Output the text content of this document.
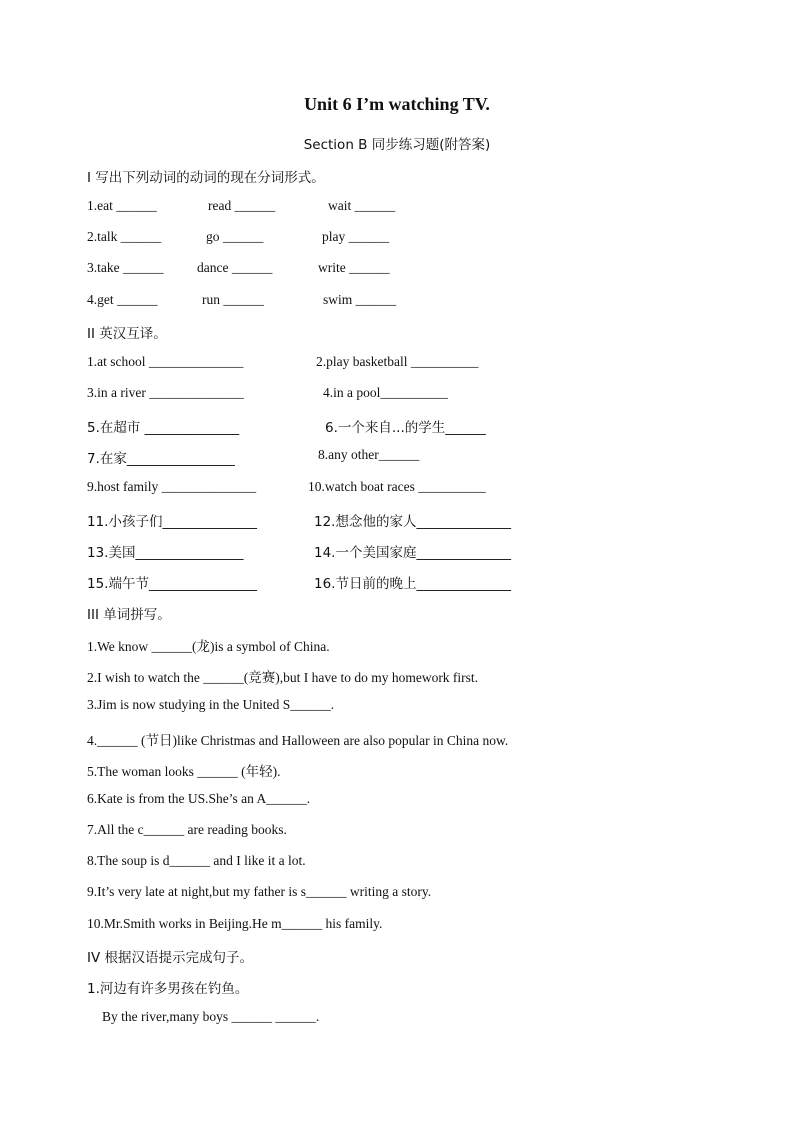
Unit 6 I’m watching TV.
Section B 同步练习题(附答案)
I 写出下列动词的动词的现在分词形式。
1.eat ______	read ______	wait ______
2.talk ______	go ______	play ______
3.take ______ dance ______	write ______
4.get ______	run ______	swim ______
II 英汉互译。
1.at school ______________	2.play basketball __________
3.in a river ______________	4.in a pool__________
5.在超市 ______________	6.一个来自...的学生______
7.在家________________	8.any other______
9.host family ______________	10.watch boat races __________
11.小孩子们______________	12.想念他的家人______________
13.美国________________	14.一个美国家庭______________
15.端午节________________	16.节日前的晚上______________
III 单词拼写。
1.We know ______(龙)is a symbol of China.
2.I wish to watch the ______(竞赛),but I have to do my homework first.
3.Jim is now studying in the United S______.
4.______ (节日)like Christmas and Halloween are also popular in China now.
5.The woman looks ______ (年轻).
6.Kate is from the US.She’s an A______.
7.All the c______ are reading books.
8.The soup is d______ and I like it a lot.
9.It’s very late at night,but my father is s______ writing a story.
10.Mr.Smith works in Beijing.He m______ his family.
IV 根据汉语提示完成句子。
1.河边有许多男孩在钓鱼。
By the river,many boys ______ ______.
